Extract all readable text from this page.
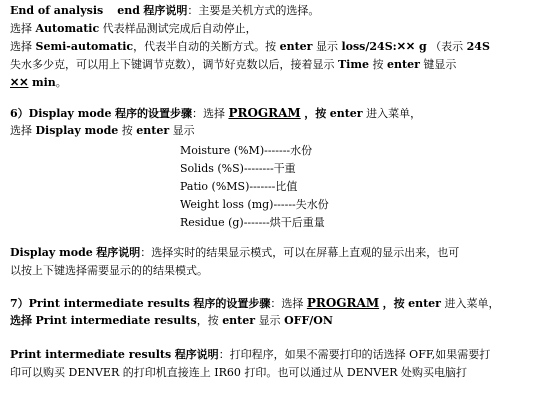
End of analysis end 程序说明：主要是关机方式的选择。
选择 Automatic 代表样品测试完成后自动停止，
选择 Semi-automatic，代表半自动的关断方式。按 enter 显示 loss/24S:✕✕ g （表示 24S
失水多少克，可以用上下键调节克数），调节好克数以后，接着显示 Time 按 enter 键显示
✕✕ min。
6）Display mode 程序的设置步骤：选择 PROGRAM ，按 enter 进入菜单，
选择 Display mode 按 enter 显示
Moisture (%M)-------水份
Solids (%S)--------干重
Patio (%MS)-------比值
Weight loss (mg)------失水份
Residue (g)-------烘干后重量
Display mode 程序说明：选择实时的结果显示模式，可以在屏幕上直观的显示出来，也可
以按上下键选择需要显示的的结果模式。
7）Print intermediate results 程序的设置步骤：选择 PROGRAM ，按 enter 进入菜单，
选择 Print intermediate results，按 enter 显示 OFF/ON
Print intermediate results 程序说明：打印程序，如果不需要打印的话选择 OFF,如果需要打
印可以购买 DENVER 的打印机直接连上 IR60 打印。也可以通过从 DENVER 处购买电脑打
